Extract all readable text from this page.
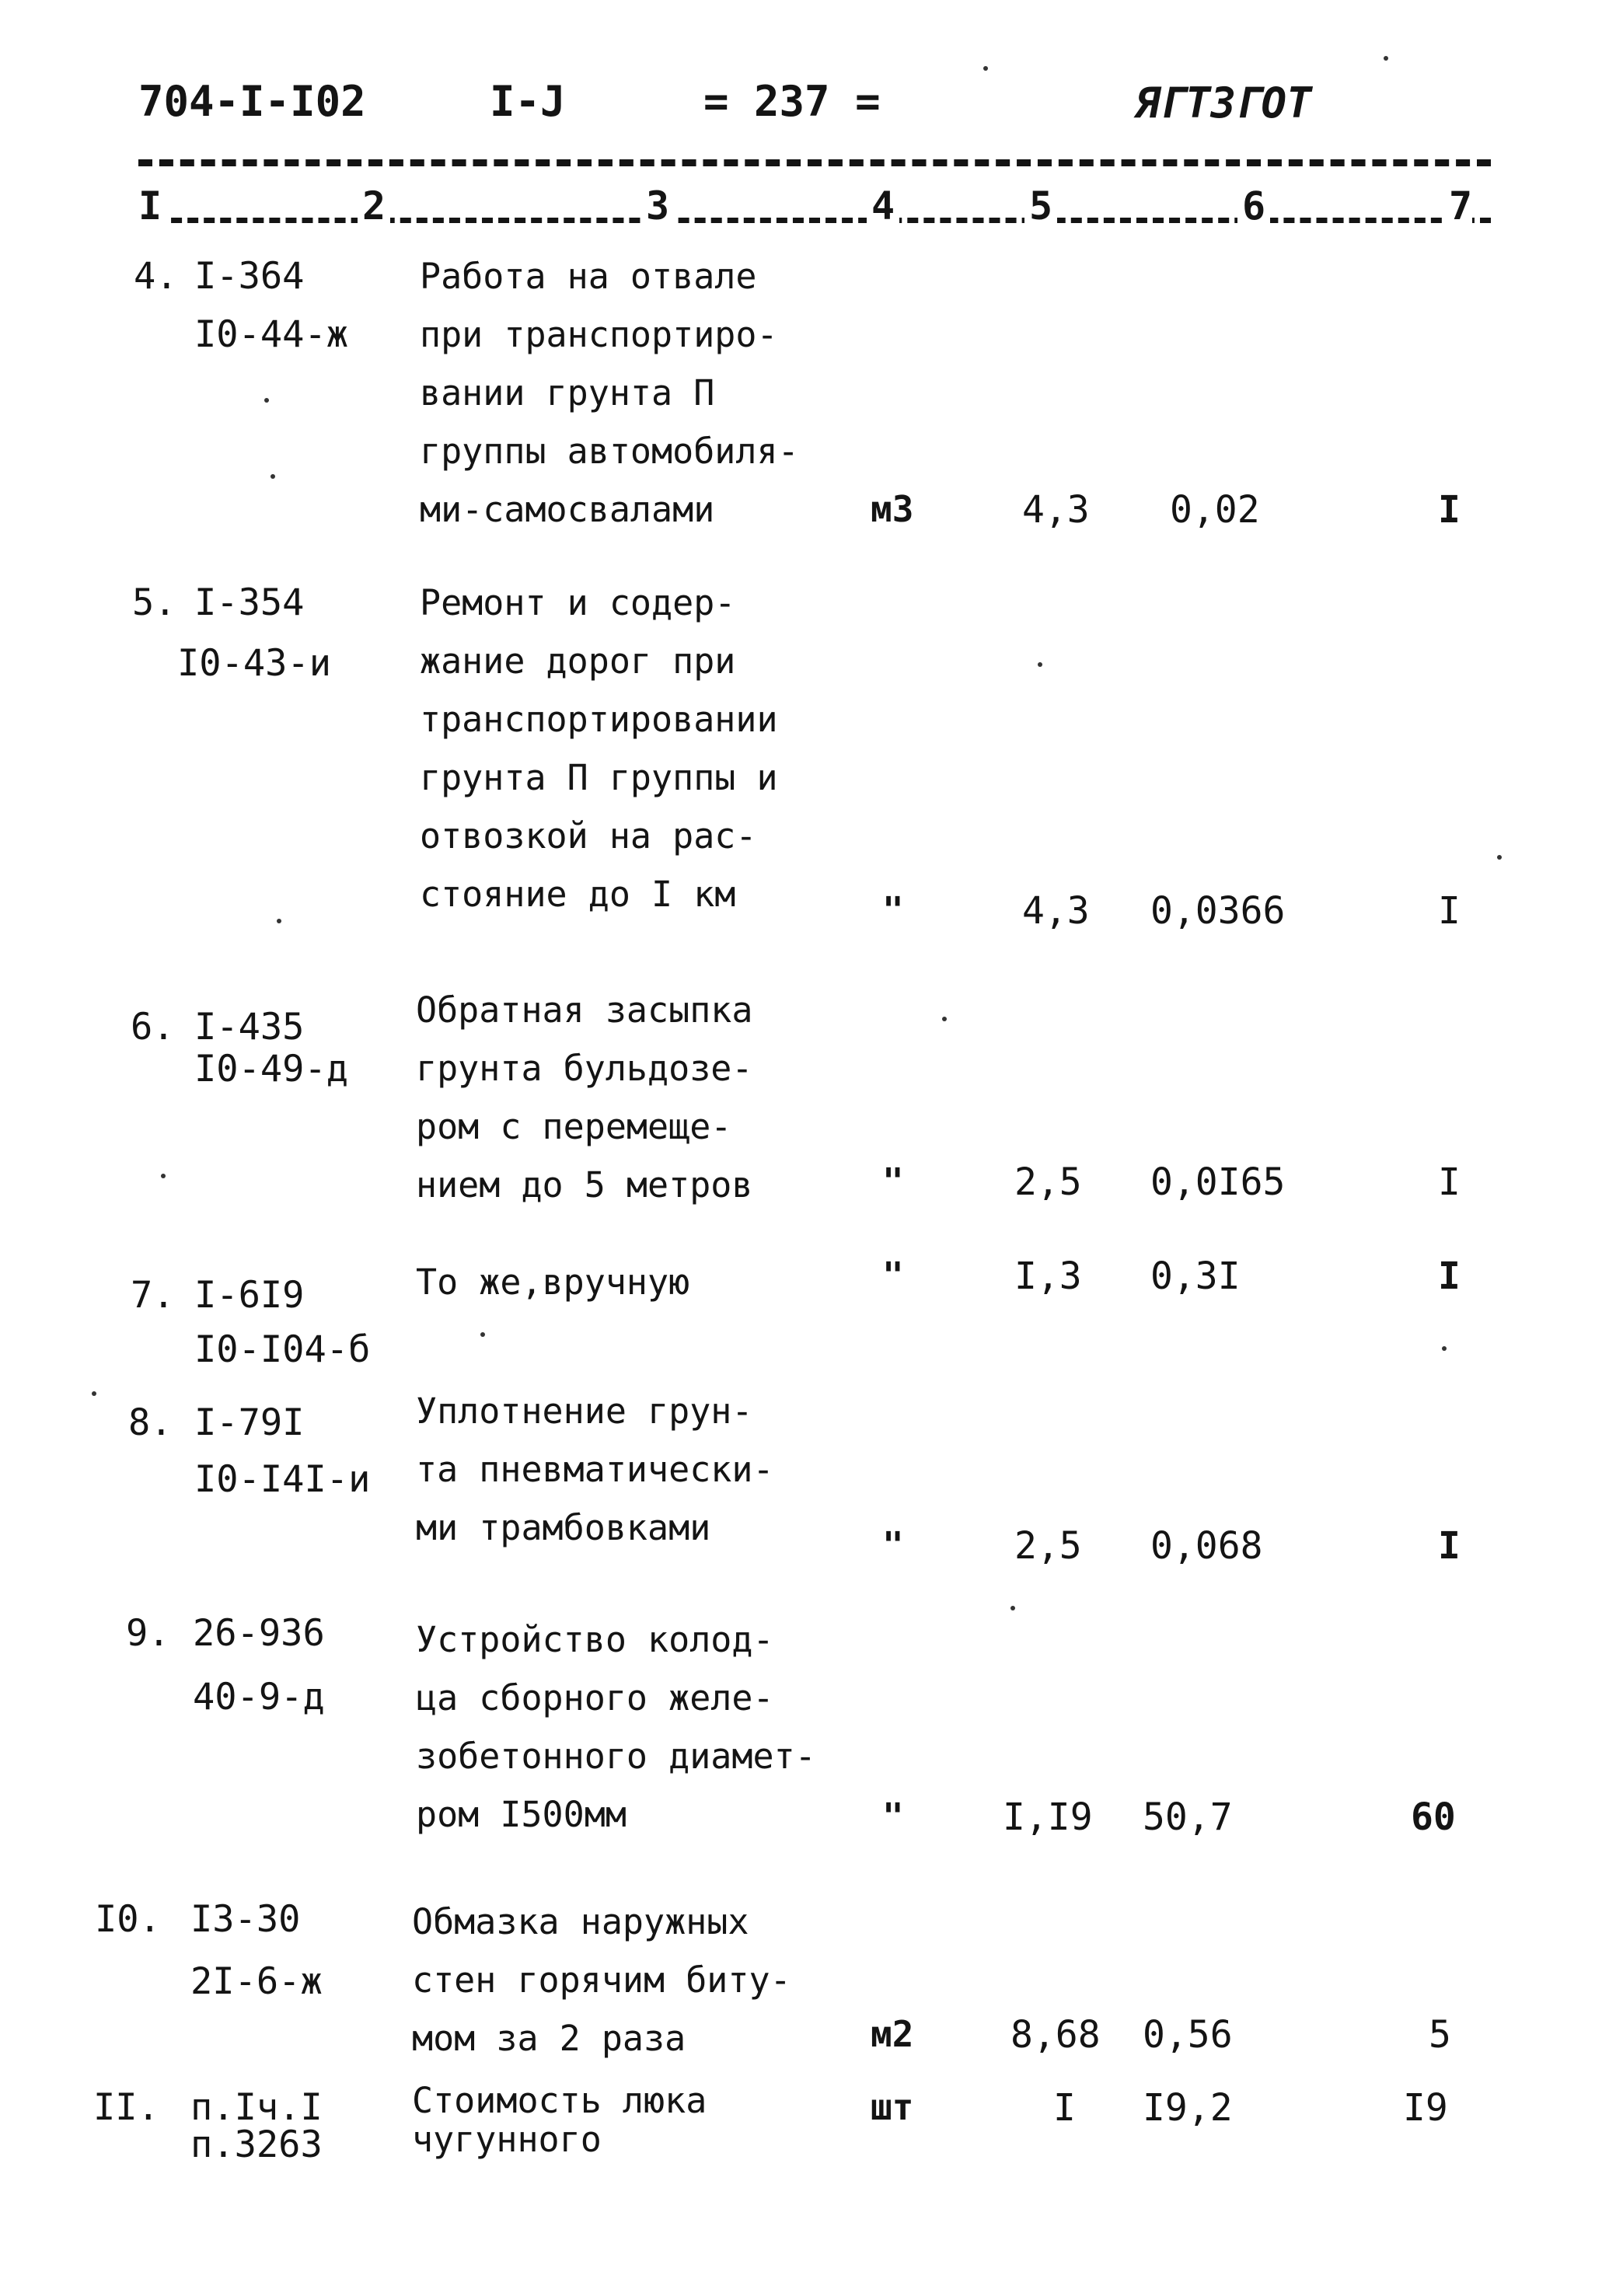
704-I-I02	I-J	= 237 =	ЯГТЗГОТ
I	2	3	4	5	6	7
4. I-364
I0-44-ж
Работа на отвале
при транспортиро-
вании грунта П
группы автомобиля-
ми-самосвалами	м3	4,3 0,02	I
5. I-354
I0-43-и
Ремонт и содер-
жание дорог при
транспортировании
грунта П группы и
отвозкой на рас-
стояние до I км	"	4,3 0,0366	I
6. I-435
I0-49-д
Обратная засыпка
грунта бульдозе-
ром с перемеще-
нием до 5 метров	"	2,5 0,0I65	I
7. I-6I9
I0-I04-б
То же,вручную	"	I,3 0,3I	I
8. I-79I
I0-I4I-и
Уплотнение грун-
та пневматически-
ми трамбовками	"	2,5 0,068	I
9. 26-936
40-9-д
Устройство колод-
ца сборного желе-
зобетонного диамет-
ром I500мм	"	I,I9 50,7	60
I0. I3-30
2I-6-ж
Обмазка наружных
стен горячим биту-
мом за 2 раза	м2	8,68 0,56	5
II. п.Iч.I
п.3263
Стоимость люка
чугунного
шт	I I9,2	I9
